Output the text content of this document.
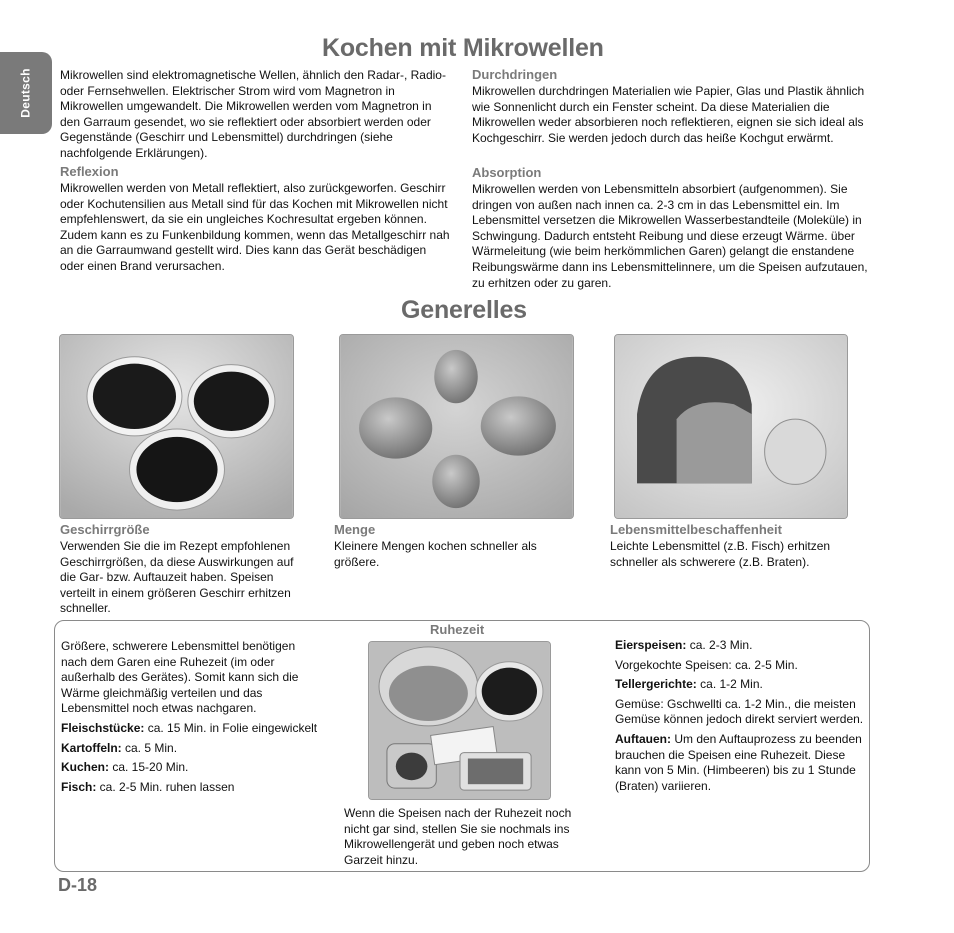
Deutsch
Kochen mit Mikrowellen
Mikrowellen sind elektromagnetische Wellen, ähnlich den Radar-, Radio- oder Fernsehwellen. Elektrischer Strom wird vom Magnetron in Mikrowellen umgewandelt. Die Mikrowellen werden vom Magnetron in den Garraum gesendet, wo sie reflektiert oder absorbiert werden oder Gegenstände (Geschirr und Lebensmittel) durchdringen (siehe nachfolgende Erklärungen).
Reflexion
Mikrowellen werden von Metall reflektiert, also zurückgeworfen. Geschirr oder Kochutensilien aus Metall sind für das Kochen mit Mikrowellen nicht empfehlenswert, da sie ein ungleiches Kochresultat ergeben können. Zudem kann es zu Funkenbildung kommen, wenn das Metallgeschirr nah an die Garraumwand gestellt wird. Dies kann das Gerät beschädigen oder einen Brand verursachen.
Durchdringen
Mikrowellen durchdringen Materialien wie Papier, Glas und Plastik ähnlich wie Sonnenlicht durch ein Fenster scheint. Da diese Materialien die Mikrowellen weder absorbieren noch reflektieren, eignen sie sich ideal als Kochgeschirr. Sie werden jedoch durch das heiße Kochgut erwärmt.
Absorption
Mikrowellen werden von Lebensmitteln absorbiert (aufgenommen). Sie dringen von außen nach innen ca. 2-3 cm in das Lebensmittel ein. Im Lebensmittel versetzen die Mikrowellen Wasserbestandteile (Moleküle) in Schwingung. Dadurch entsteht Reibung und diese erzeugt Wärme. über Wärmeleitung (wie beim herkömmlichen Garen) gelangt die enstandene Reibungswärme dann ins Lebensmittelinnere, um die Speisen aufzutauen, zu erhitzen oder zu garen.
Generelles
Geschirrgröße
Verwenden Sie die im Rezept empfohlenen Geschirrgrößen, da diese Auswirkungen auf die Gar- bzw. Auftauzeit haben. Speisen verteilt in einem größeren Geschirr erhitzen schneller.
Menge
Kleinere Mengen kochen schneller als größere.
Lebensmittelbeschaffenheit
Leichte Lebensmittel (z.B. Fisch) erhitzen schneller als schwerere (z.B. Braten).
Ruhezeit
Größere, schwerere Lebensmittel benötigen nach dem Garen eine Ruhezeit (im oder außerhalb des Gerätes). Somit kann sich die Wärme gleichmäßig verteilen und das Lebensmittel noch etwas nachgaren.
Fleischstücke: ca. 15 Min. in Folie eingewickelt
Kartoffeln: ca. 5 Min.
Kuchen: ca. 15-20 Min.
Fisch: ca. 2-5 Min. ruhen lassen
Wenn die Speisen nach der Ruhezeit noch nicht gar sind, stellen Sie sie nochmals ins Mikrowellengerät und geben noch etwas Garzeit hinzu.
Eierspeisen: ca. 2-3 Min.
Vorgekochte Speisen: ca. 2-5 Min.
Tellergerichte: ca. 1-2 Min.
Gemüse: Gschwellti ca. 1-2 Min., die meisten Gemüse können jedoch direkt serviert werden.
Auftauen: Um den Auftauprozess zu beenden brauchen die Speisen eine Ruhezeit. Diese kann von 5 Min. (Himbeeren) bis zu 1 Stunde (Braten) variieren.
D-18
